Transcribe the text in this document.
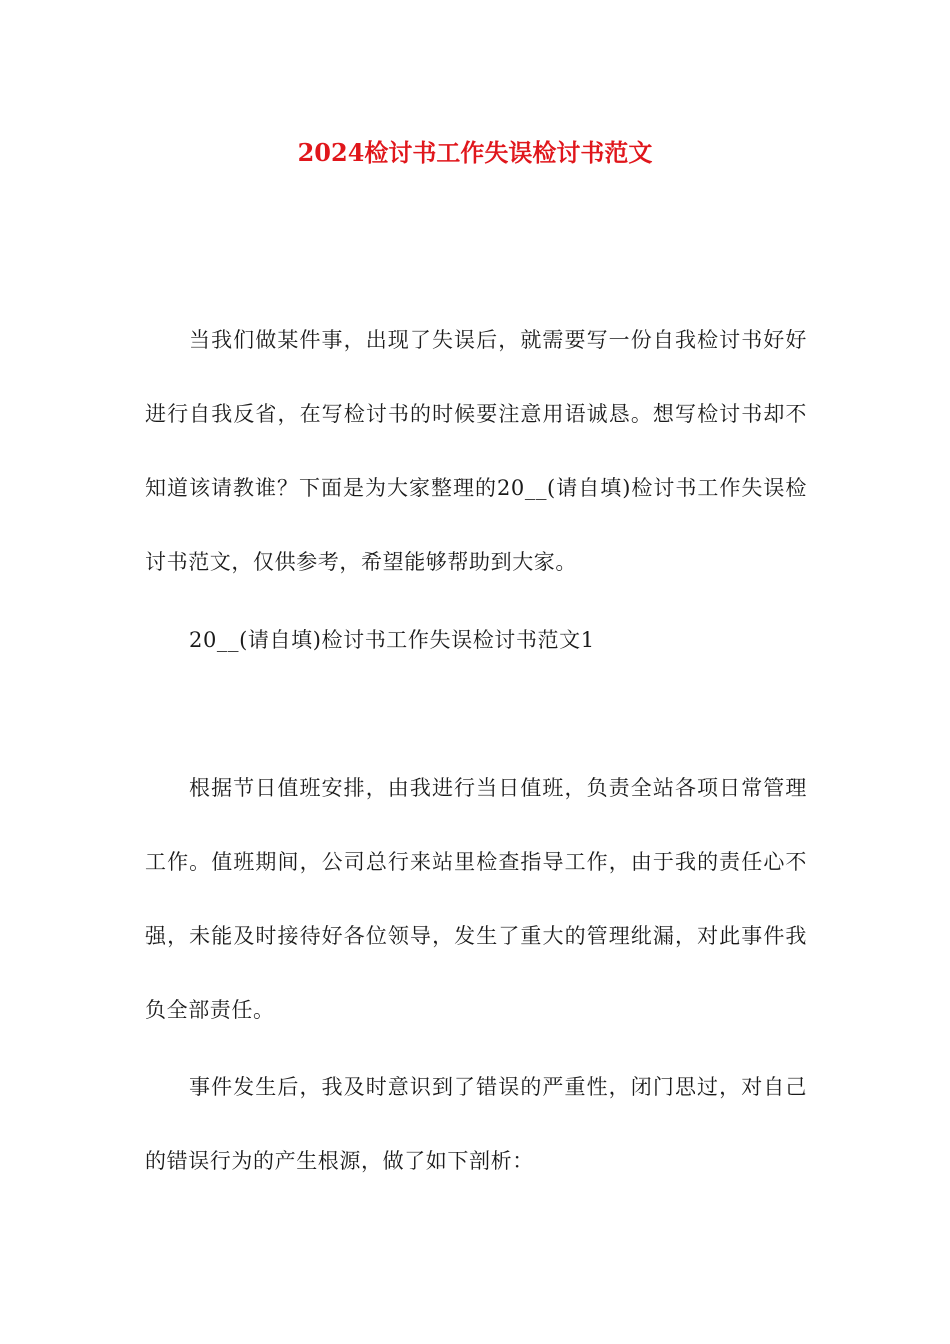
2024检讨书工作失误检讨书范文

当我们做某件事，出现了失误后，就需要写一份自我检讨书好好进行自我反省，在写检讨书的时候要注意用语诚恳。想写检讨书却不知道该请教谁？下面是为大家整理的20__(请自填)检讨书工作失误检讨书范文，仅供参考，希望能够帮助到大家。

20__(请自填)检讨书工作失误检讨书范文1

根据节日值班安排，由我进行当日值班，负责全站各项日常管理工作。值班期间，公司总行来站里检查指导工作，由于我的责任心不强，未能及时接待好各位领导，发生了重大的管理纰漏，对此事件我负全部责任。

事件发生后，我及时意识到了错误的严重性，闭门思过，对自己的错误行为的产生根源，做了如下剖析：
